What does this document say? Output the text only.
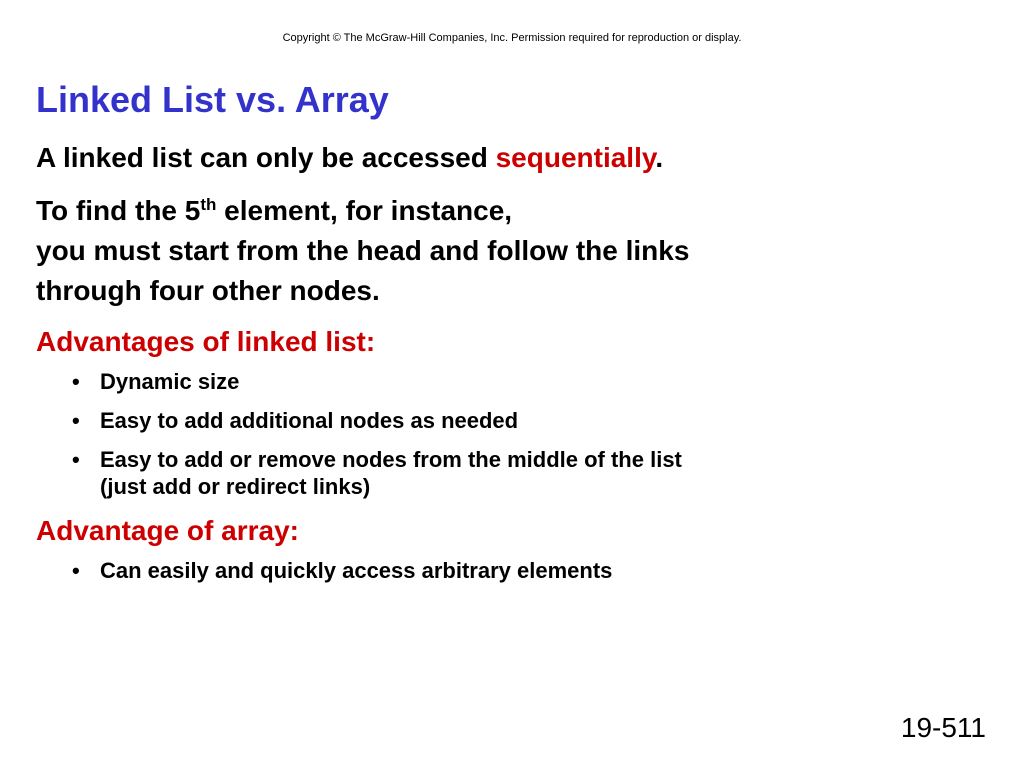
Copyright © The McGraw-Hill Companies, Inc. Permission required for reproduction or display.
Linked List vs. Array

A linked list can only be accessed sequentially.

To find the 5th element, for instance,
you must start from the head and follow the links
through four other nodes.

Advantages of linked list:

• Dynamic size
• Easy to add additional nodes as needed
• Easy to add or remove nodes from the middle of the list
(just add or redirect links)

Advantage of array:

• Can easily and quickly access arbitrary elements
19-511
